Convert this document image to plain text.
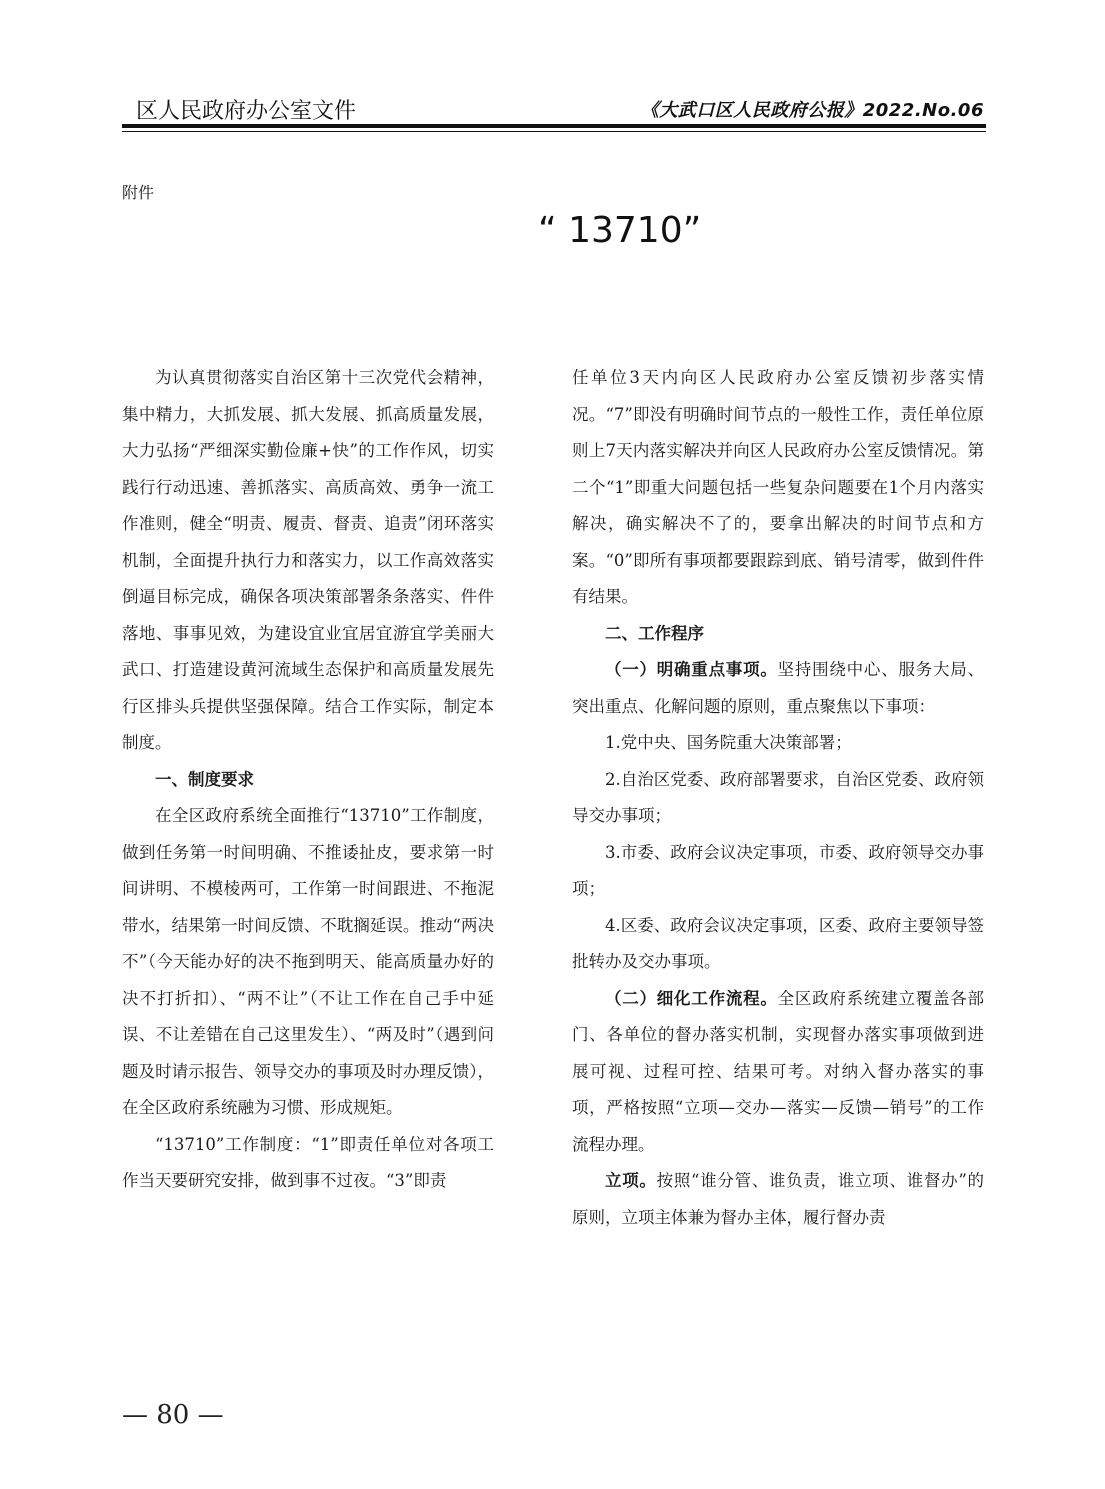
区人民政府办公室文件	《大武口区人民政府公报》2022.No.06
附件
“ 13710”

为认真贯彻落实自治区第十三次党代会精神，集中精力，大抓发展、抓大发展、抓高质量发展，大力弘扬“严细深实勤俭廉+快”的工作作风，切实践行行动迅速、善抓落实、高质高效、勇争一流工作准则，健全“明责、履责、督责、追责”闭环落实机制，全面提升执行力和落实力，以工作高效落实倒逼目标完成，确保各项决策部署条条落实、件件落地、事事见效，为建设宜业宜居宜游宜学美丽大武口、打造建设黄河流域生态保护和高质量发展先行区排头兵提供坚强保障。结合工作实际，制定本制度。

一、制度要求

在全区政府系统全面推行“13710”工作制度，做到任务第一时间明确、不推诿扯皮，要求第一时间讲明、不模棱两可，工作第一时间跟进、不拖泥带水，结果第一时间反馈、不耽搁延误。推动“两决不”（今天能办好的决不拖到明天、能高质量办好的决不打折扣）、“两不让”（不让工作在自己手中延误、不让差错在自己这里发生）、“两及时”（遇到问题及时请示报告、领导交办的事项及时办理反馈），在全区政府系统融为习惯、形成规矩。

“13710”工作制度：“1”即责任单位对各项工作当天要研究安排，做到事不过夜。“3”即责

任单位3天内向区人民政府办公室反馈初步落实情况。“7”即没有明确时间节点的一般性工作，责任单位原则上7天内落实解决并向区人民政府办公室反馈情况。第二个“1”即重大问题包括一些复杂问题要在1个月内落实解决，确实解决不了的，要拿出解决的时间节点和方案。“0”即所有事项都要跟踪到底、销号清零，做到件件有结果。

二、工作程序

（一）明确重点事项。坚持围绕中心、服务大局、突出重点、化解问题的原则，重点聚焦以下事项：

1.党中央、国务院重大决策部署；

2.自治区党委、政府部署要求，自治区党委、政府领导交办事项；

3.市委、政府会议决定事项，市委、政府领导交办事项；

4.区委、政府会议决定事项，区委、政府主要领导签批转办及交办事项。

（二）细化工作流程。全区政府系统建立覆盖各部门、各单位的督办落实机制，实现督办落实事项做到进展可视、过程可控、结果可考。对纳入督办落实的事项，严格按照“立项—交办—落实—反馈—销号”的工作流程办理。

立项。按照“谁分管、谁负责，谁立项、谁督办”的原则，立项主体兼为督办主体，履行督办责

— 80 —
